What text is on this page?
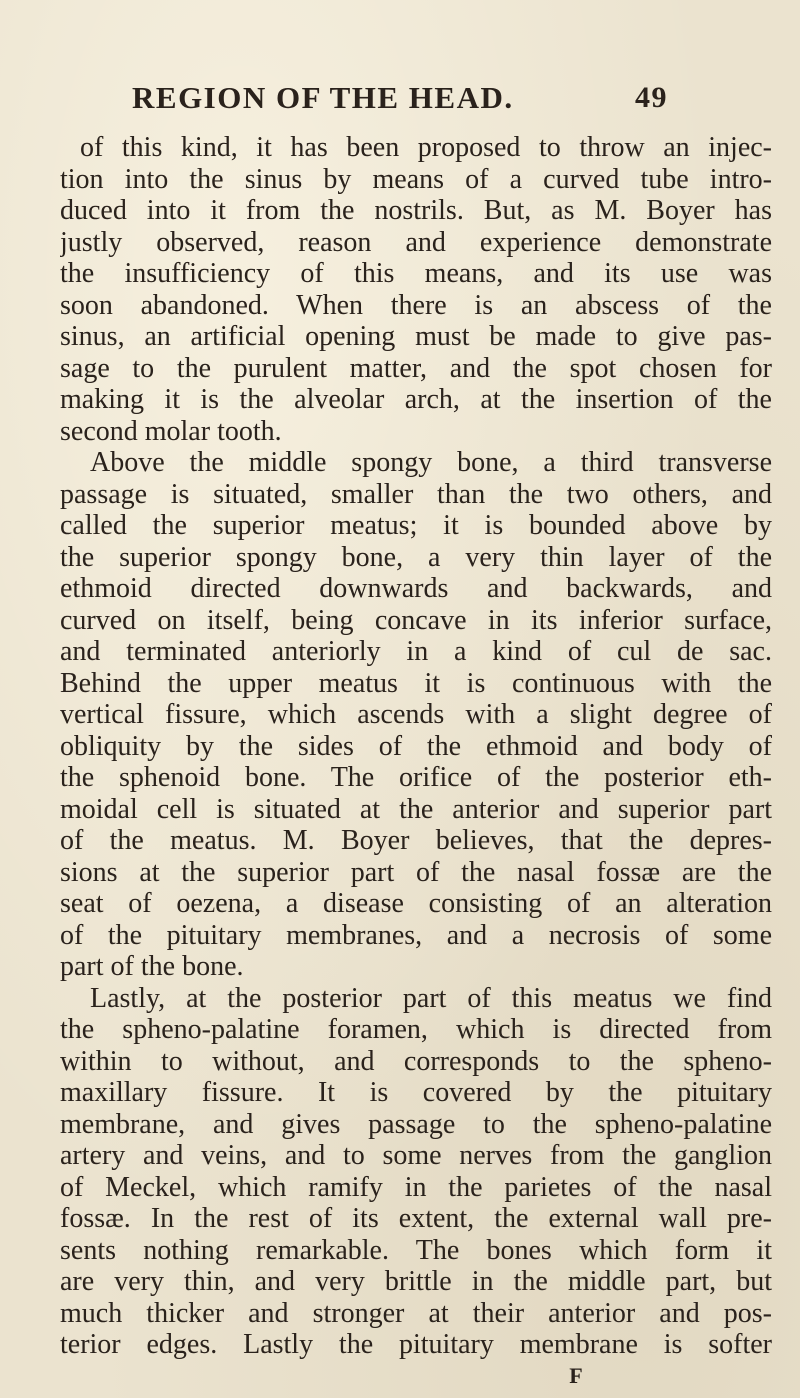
REGION OF THE HEAD.	49
of this kind, it has been proposed to throw an injec-
tion into the sinus by means of a curved tube intro-
duced into it from the nostrils. But, as M. Boyer has
justly observed, reason and experience demonstrate
the insufficiency of this means, and its use was
soon abandoned. When there is an abscess of the
sinus, an artificial opening must be made to give pas-
sage to the purulent matter, and the spot chosen for
making it is the alveolar arch, at the insertion of the
second molar tooth.
Above the middle spongy bone, a third transverse
passage is situated, smaller than the two others, and
called the superior meatus; it is bounded above by
the superior spongy bone, a very thin layer of the
ethmoid directed downwards and backwards, and
curved on itself, being concave in its inferior surface,
and terminated anteriorly in a kind of cul de sac.
Behind the upper meatus it is continuous with the
vertical fissure, which ascends with a slight degree of
obliquity by the sides of the ethmoid and body of
the sphenoid bone. The orifice of the posterior eth-
moidal cell is situated at the anterior and superior part
of the meatus. M. Boyer believes, that the depres-
sions at the superior part of the nasal fossæ are the
seat of oezena, a disease consisting of an alteration
of the pituitary membranes, and a necrosis of some
part of the bone.
Lastly, at the posterior part of this meatus we find
the spheno-palatine foramen, which is directed from
within to without, and corresponds to the spheno-
maxillary fissure. It is covered by the pituitary
membrane, and gives passage to the spheno-palatine
artery and veins, and to some nerves from the ganglion
of Meckel, which ramify in the parietes of the nasal
fossæ. In the rest of its extent, the external wall pre-
sents nothing remarkable. The bones which form it
are very thin, and very brittle in the middle part, but
much thicker and stronger at their anterior and pos-
terior edges. Lastly the pituitary membrane is softer
F
